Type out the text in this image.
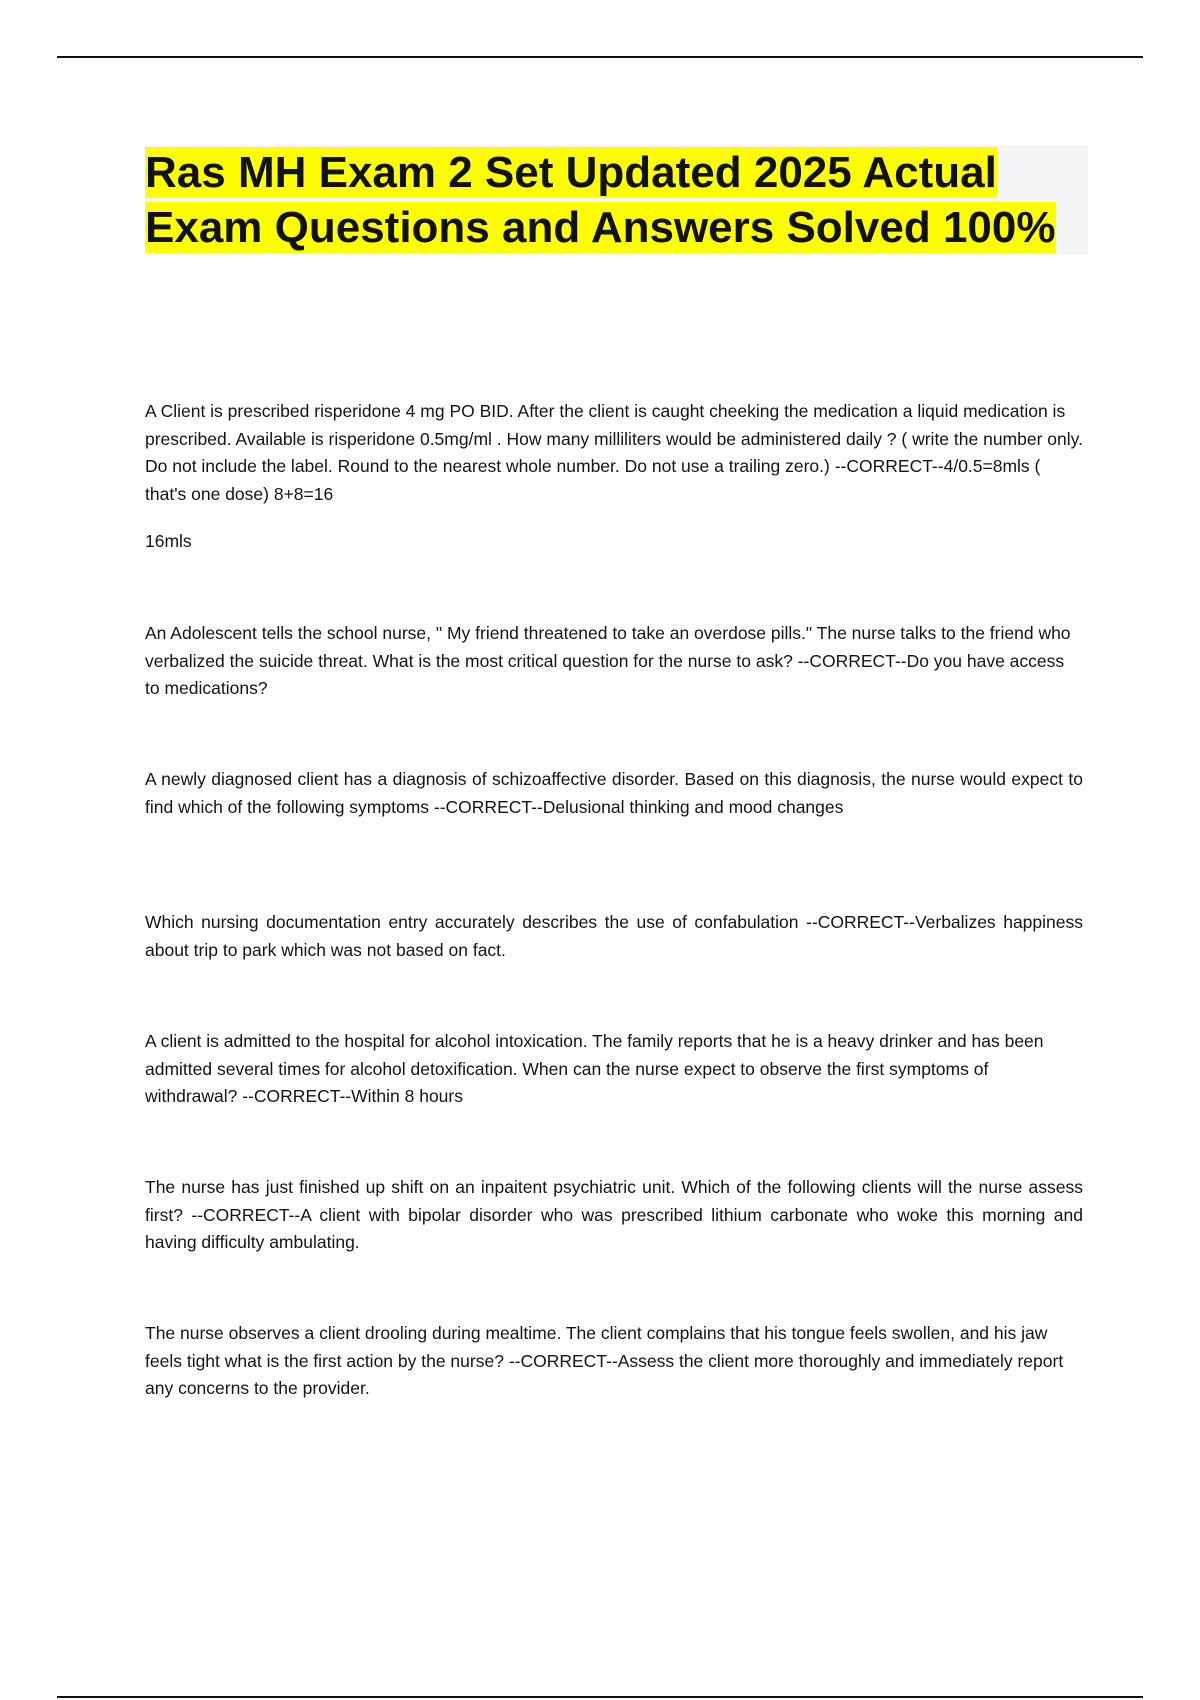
Ras MH Exam 2 Set Updated 2025 Actual Exam Questions and Answers Solved 100%

A Client is prescribed risperidone 4 mg PO BID. After the client is caught cheeking the medication a liquid medication is prescribed. Available is risperidone 0.5mg/ml . How many milliliters would be administered daily ? ( write the number only. Do not include the label. Round to the nearest whole number. Do not use a trailing zero.) --CORRECT--4/0.5=8mls ( that's one dose) 8+8=16

16mls

An Adolescent tells the school nurse, " My friend threatened to take an overdose pills." The nurse talks to the friend who verbalized the suicide threat. What is the most critical question for the nurse to ask? --CORRECT--Do you have access to medications?

A newly diagnosed client has a diagnosis of schizoaffective disorder. Based on this diagnosis, the nurse would expect to find which of the following symptoms --CORRECT--Delusional thinking and mood changes

Which nursing documentation entry accurately describes the use of confabulation --CORRECT--Verbalizes happiness about trip to park which was not based on fact.

A client is admitted to the hospital for alcohol intoxication. The family reports that he is a heavy drinker and has been admitted several times for alcohol detoxification. When can the nurse expect to observe the first symptoms of withdrawal? --CORRECT--Within 8 hours

The nurse has just finished up shift on an inpaitent psychiatric unit. Which of the following clients will the nurse assess first? --CORRECT--A client with bipolar disorder who was prescribed lithium carbonate who woke this morning and having difficulty ambulating.

The nurse observes a client drooling during mealtime. The client complains that his tongue feels swollen, and his jaw feels tight what is the first action by the nurse? --CORRECT--Assess the client more thoroughly and immediately report any concerns to the provider.
